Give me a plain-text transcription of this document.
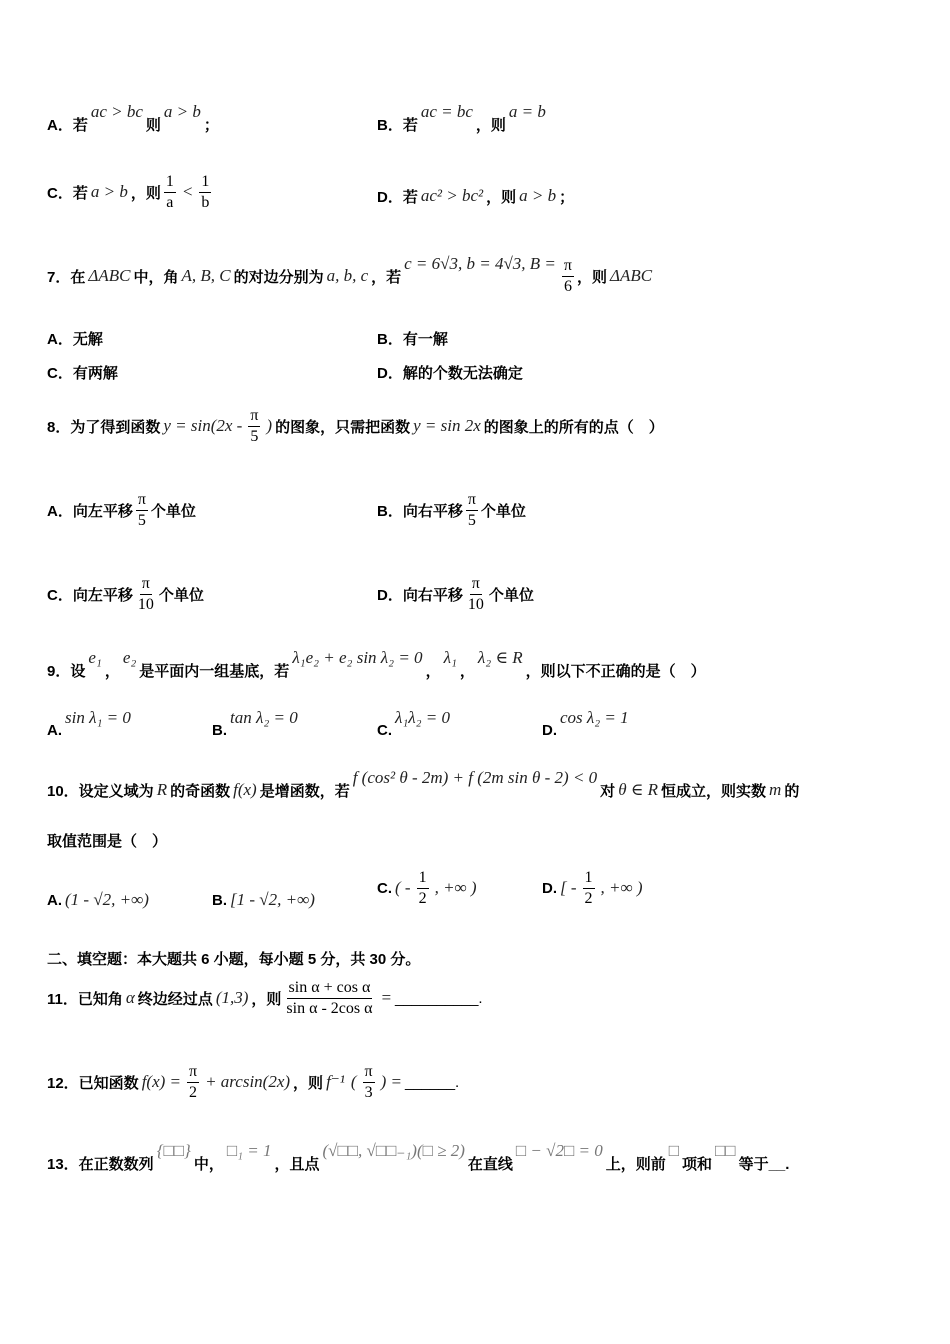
A．若
ac > bc
则
a > b
；	B．若
ac = bc
，则
a = b
C．若 a > b ，则 $\frac{1}{a} < \frac{1}{b}$	D．若 ac² > bc² ，则 a > b ；
7．在 ΔABC 中，角 A, B, C 的对边分别为 a, b, c ，若
c = 6√3, b = 4√3, $B = \frac{\pi}{6}$ ，则 ΔABC
A．无解	B．有一解
C．有两解	D．解的个数无法确定
8．为了得到函数 $y = \sin(2x - \frac{\pi}{5}$ ) 的图象，只需把函数 y = sin 2x 的图象上的所有的点（　）
A．向左平移 $\frac{\pi}{5}$ 个单位	B．向右平移 $\frac{\pi}{5}$ 个单位
C．向左平移 $\frac{\pi}{10}$ 个单位	D．向右平移 $\frac{\pi}{10}$ 个单位
9．设
e₁
，
e₂
是平面内一组基底，若
λ₁e₂ + e₂ sin λ₂ = 0
，
λ₁
，
λ₂ ∈ R
，则以下不正确的是（　）
A.
sin λ₁ = 0
B.
tan λ₂ = 0
C.
λ₁λ₂ = 0
D.
cos λ₂ = 1
10．设定义域为 R 的奇函数 f(x) 是增函数，若
f (cos² θ - 2m) + f (2m sin θ - 2) < 0
对 θ ∈ R 恒成立，则实数 m 的
取值范围是（　）
A. (1 - √2, +∞)	B. [1 - √2, +∞)
C. ( - $\frac{1}{2}$ , +∞ )	D. [ - $\frac{1}{2}$ , +∞ )
二、填空题：本大题共 6 小题，每小题 5 分，共 30 分。
11．已知角 α 终边经过点 (1,3) ，则 $\frac{\text{sin α + cos α}}{\text{sin α - 2cos α}}$ = __________.
12．已知函数 $f(x) = \frac{\pi}{2} + \arcsin(2x)$ ，则 f⁻¹ ( $\frac{\pi}{3}$ ) = ______.
13．在正数数列
{□□}
中，
□₁ = 1
，且点
(√□□, √□□₋₁)(□ ≥ 2)
在直线
□ − √2□ = 0
上，则前
□
项和
□□
等于__.
